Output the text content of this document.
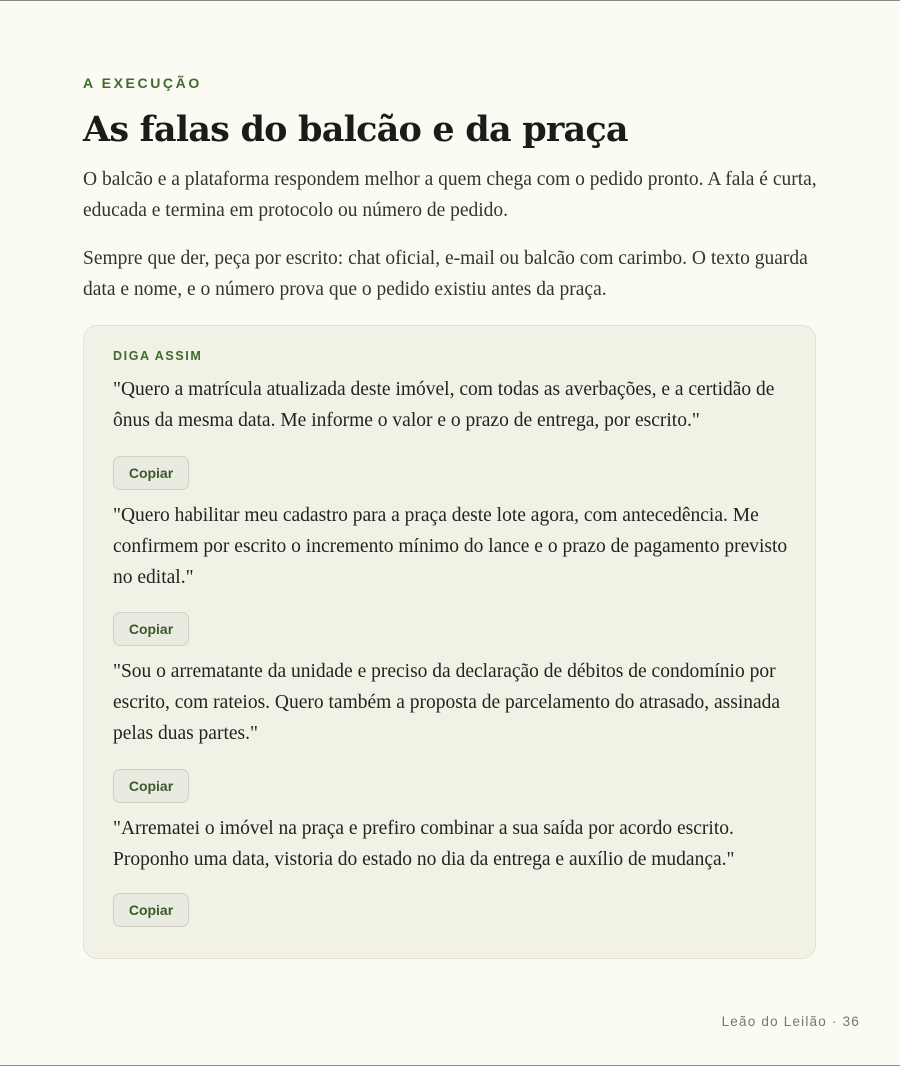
A EXECUÇÃO
As falas do balcão e da praça

O balcão e a plataforma respondem melhor a quem chega com o pedido pronto. A fala é curta, educada e termina em protocolo ou número de pedido.

Sempre que der, peça por escrito: chat oficial, e-mail ou balcão com carimbo. O texto guarda data e nome, e o número prova que o pedido existiu antes da praça.

DIGA ASSIM

"Quero a matrícula atualizada deste imóvel, com todas as averbações, e a certidão de ônus da mesma data. Me informe o valor e o prazo de entrega, por escrito."

Copiar

"Quero habilitar meu cadastro para a praça deste lote agora, com antecedência. Me confirmem por escrito o incremento mínimo do lance e o prazo de pagamento previsto no edital."

Copiar

"Sou o arrematante da unidade e preciso da declaração de débitos de condomínio por escrito, com rateios. Quero também a proposta de parcelamento do atrasado, assinada pelas duas partes."

Copiar

"Arrematei o imóvel na praça e prefiro combinar a sua saída por acordo escrito. Proponho uma data, vistoria do estado no dia da entrega e auxílio de mudança."

Copiar
Leão do Leilão · 36
